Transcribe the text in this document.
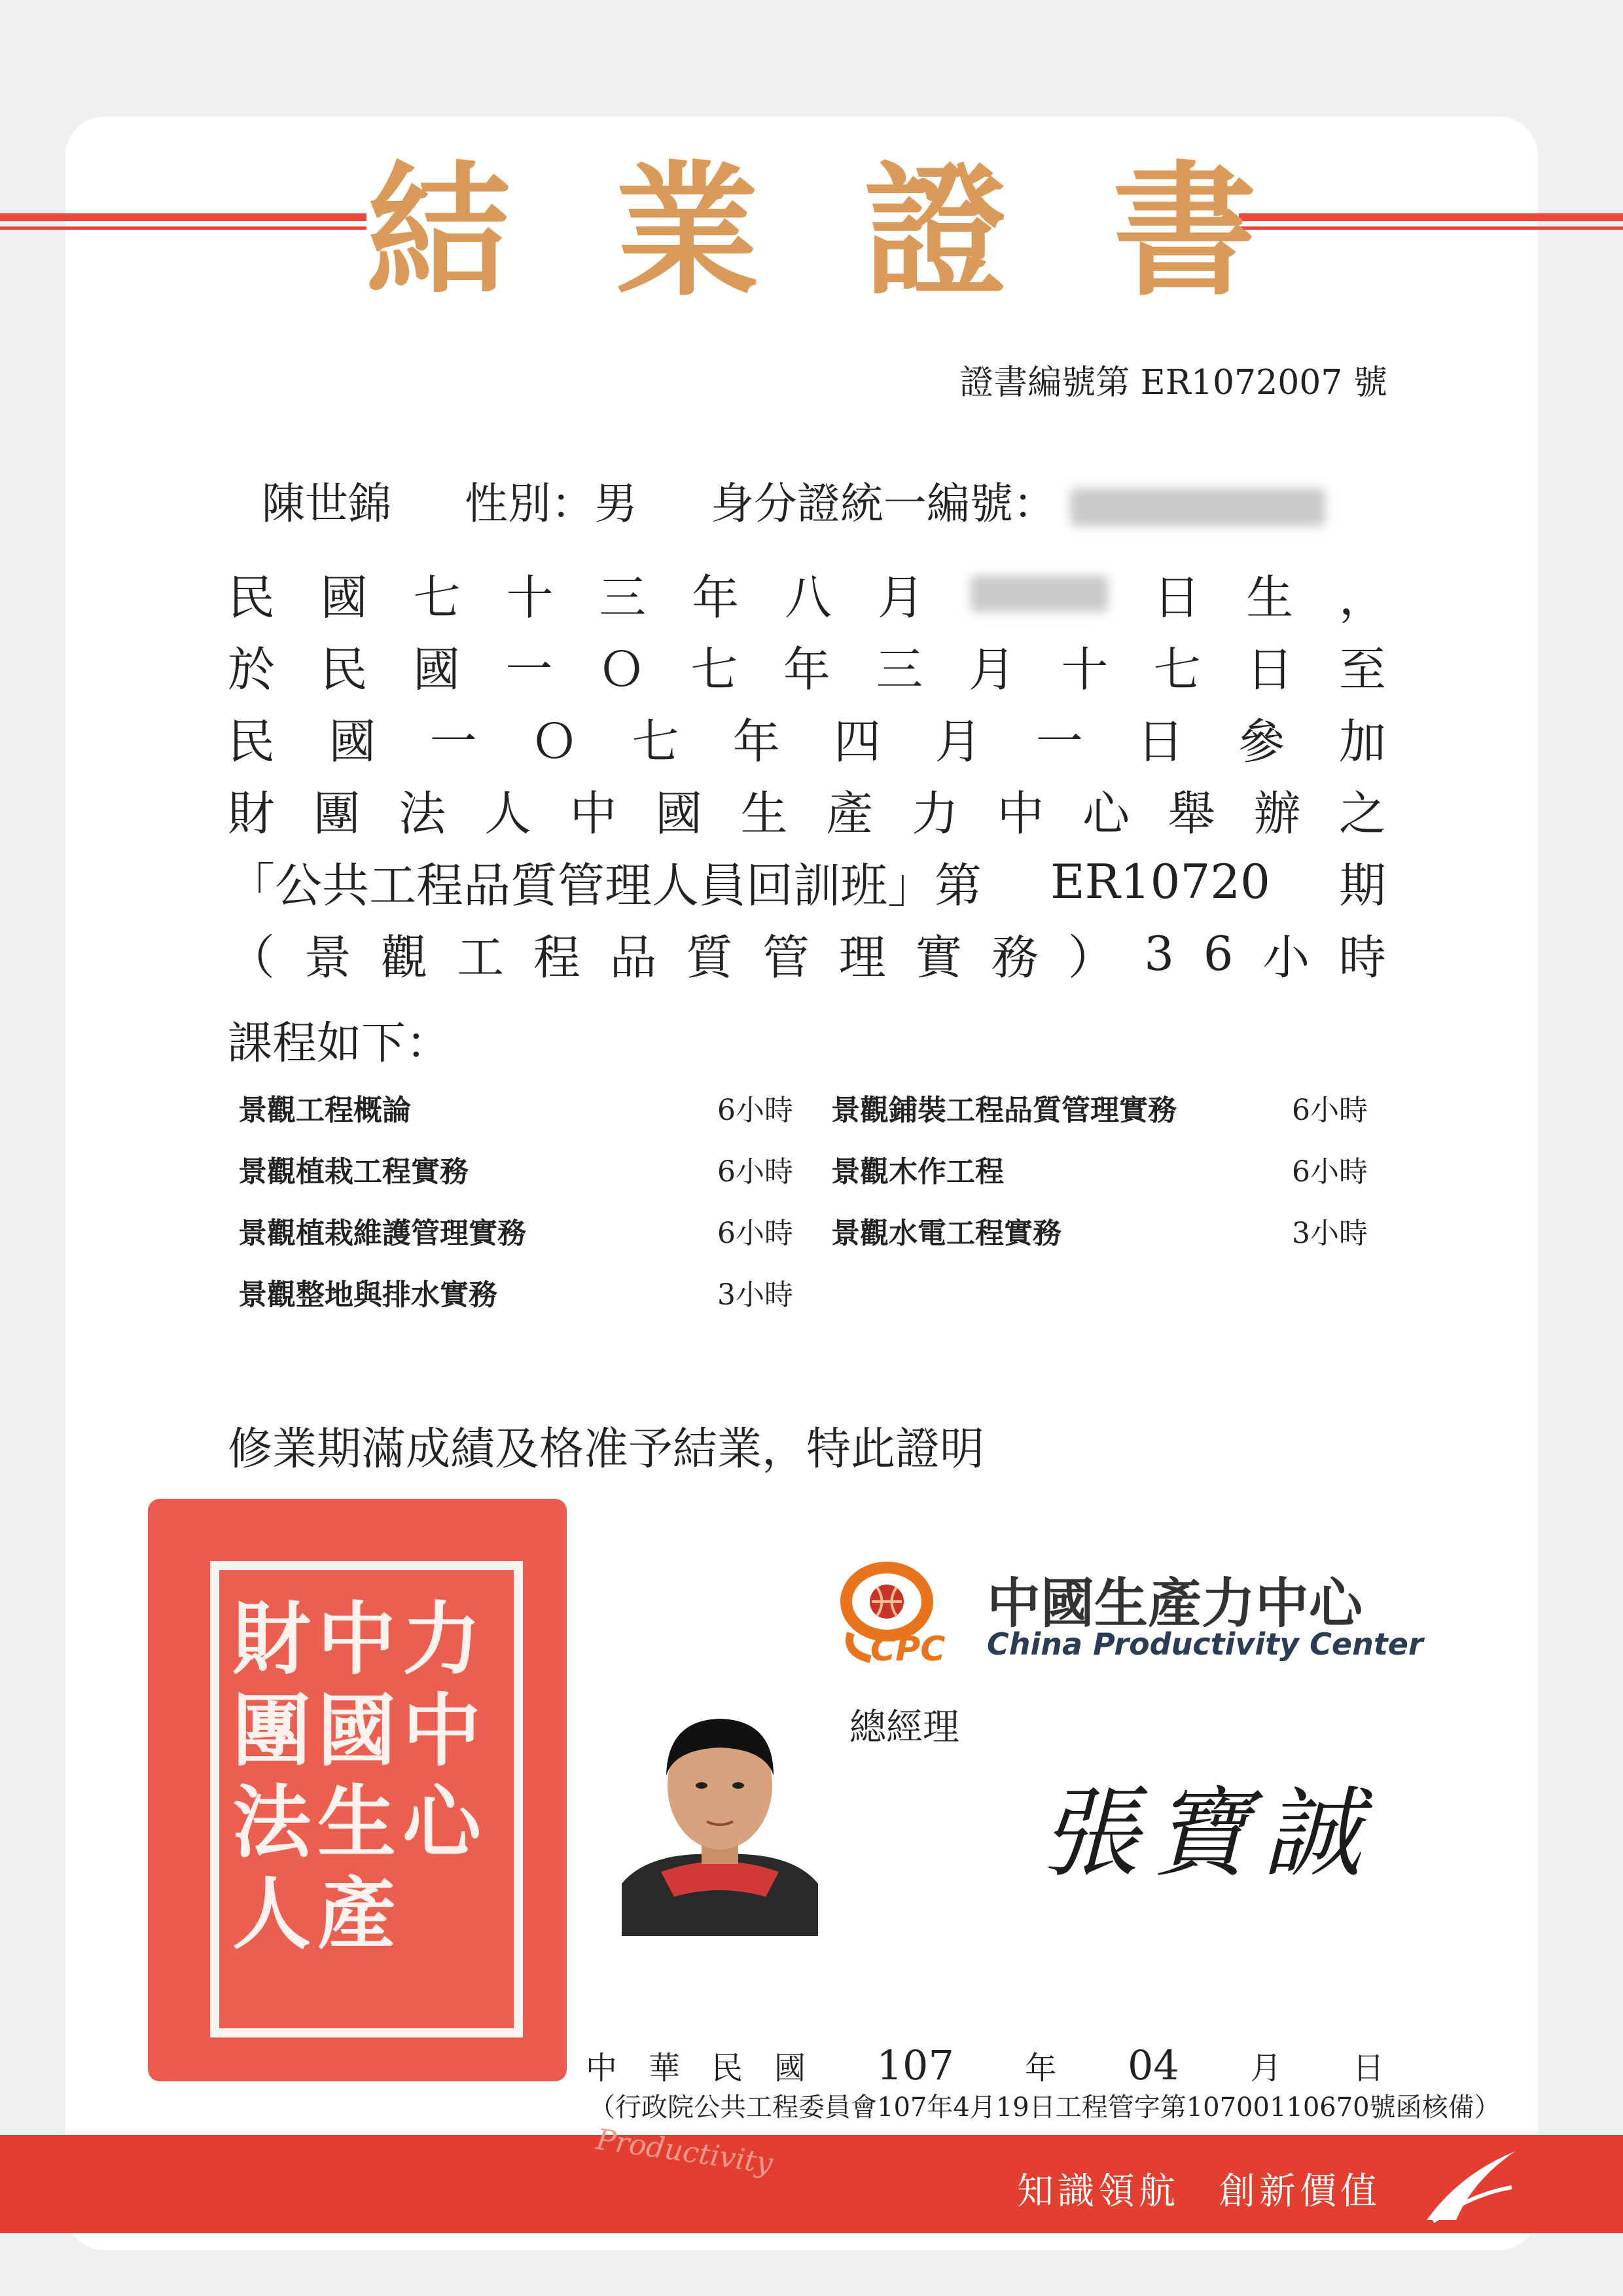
結 業 證 書
證書編號第 ER1072007 號
陳世錦 性別：男 身分證統一編號：
民 國 七 十 三 年 八 月	日 生 ，
於 民 國 一 Ｏ 七 年 三 月 十 七 日 至
民 國 一 Ｏ 七 年 四 月 一 日 參 加
財 團 法 人 中 國 生 產 力 中 心 舉 辦 之
「公共工程品質管理人員回訓班」第 ER10720 期
（ 景 觀 工 程 品 質 管 理 實 務 ） 3 6 小 時
課程如下：
景觀工程概論	6小時 景觀鋪裝工程品質管理實務	6小時
景觀植栽工程實務	6小時 景觀木作工程	6小時
景觀植栽維護管理實務	6小時 景觀水電工程實務	3小時
景觀整地與排水實務	3小時
修業期滿成績及格准予結業，特此證明
財
團
法
人
中
國
生
產
力
中
心
CPC
中國生產力中心
China Productivity Center
總經理
張寶誠
中　華　民　國 107 年 04 月 日
（行政院公共工程委員會107年4月19日工程管字第10700110670號函核備）
知識領航 創新價值
Productivity
